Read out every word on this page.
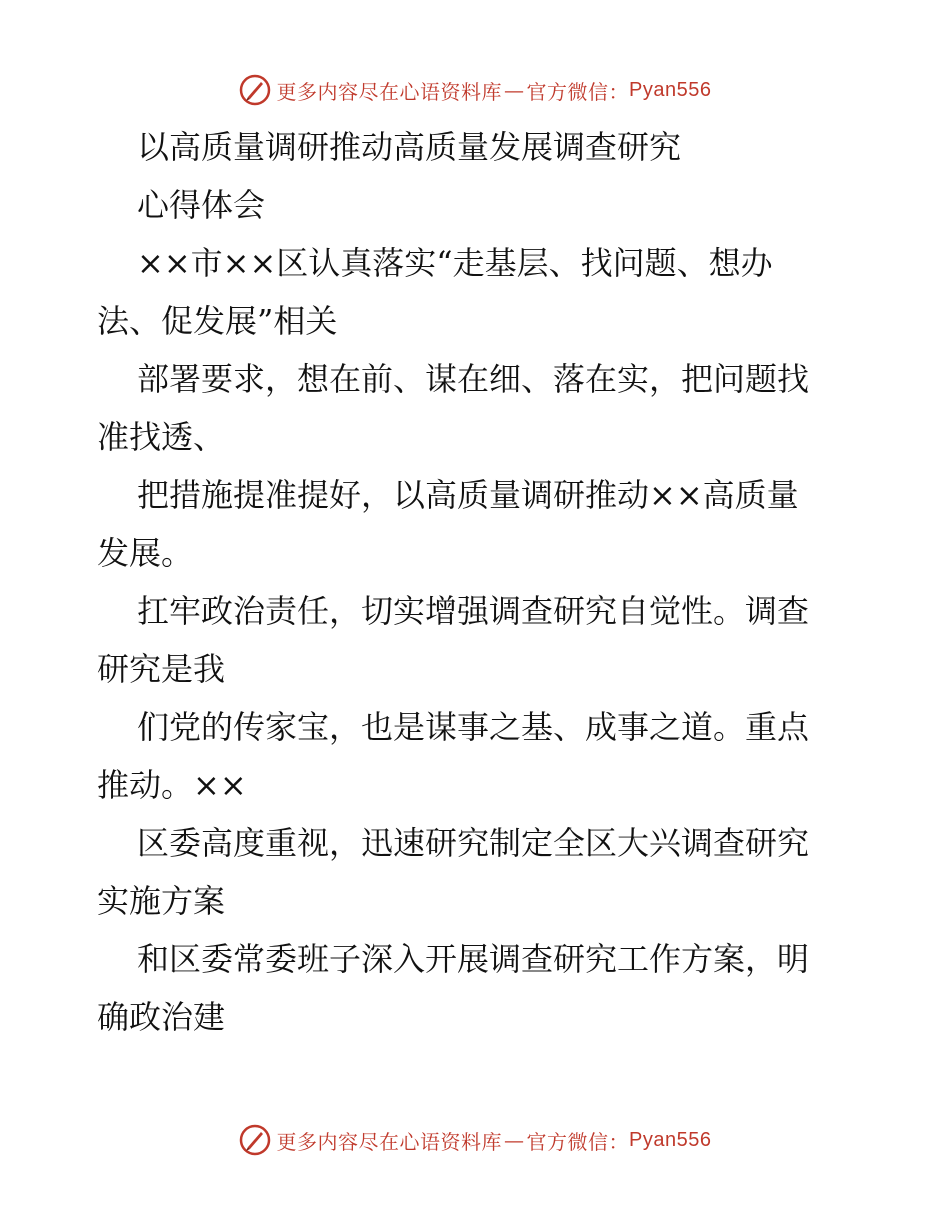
更多内容尽在心语资料库 — 官方微信： Pyan556
以高质量调研推动高质量发展调查研究
心得体会
××市××区认真落实“走基层、找问题、想办
法、促发展”相关
部署要求，想在前、谋在细、落在实，把问题找
准找透、
把措施提准提好，以高质量调研推动××高质量
发展。
扛牢政治责任，切实增强调查研究自觉性。调查
研究是我
们党的传家宝，也是谋事之基、成事之道。重点
推动。××
区委高度重视，迅速研究制定全区大兴调查研究
实施方案
和区委常委班子深入开展调查研究工作方案，明
确政治建
更多内容尽在心语资料库 — 官方微信： Pyan556
